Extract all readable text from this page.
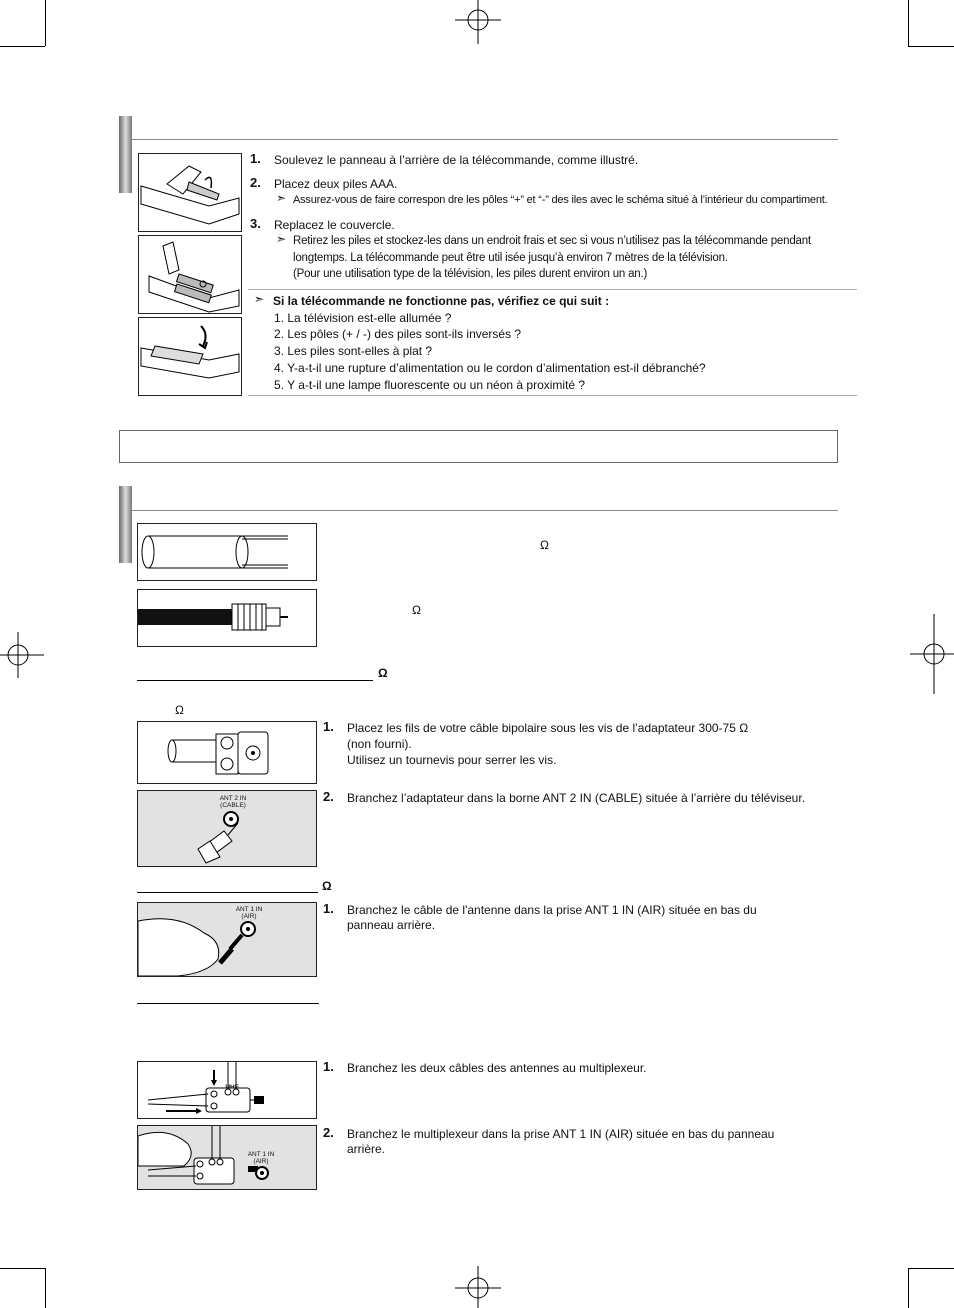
1. Soulevez le panneau à l’arrière de la télécommande, comme illustré.
2. Placez deux piles AAA.
➣ Assurez-vous de faire correspon dre les pôles “+” et “-” des iles avec le schéma situé à l’intérieur du compartiment.
3. Replacez le couvercle.
➣ Retirez les piles et stockez-les dans un endroit frais et sec si vous n’utilisez pas la télécommande pendant
longtemps. La télécommande peut être util isée jusqu’à environ 7 mètres de la télévision.
(Pour une utilisation type de la télévision, les piles durent environ un an.)
➣ Si la télécommande ne fonctionne pas, vérifiez ce qui suit :
1. La télévision est-elle allumée ?
2. Les pôles (+ / -) des piles sont-ils inversés ?
3. Les piles sont-elles à plat ?
4. Y-a-t-il une rupture d’alimentation ou le cordon d’alimentation est-il débranché?
5. Y a-t-il une lampe fluorescente ou un néon à proximité ?
Ω
Ω
Ω
Ω
ANT 2 IN
(CABLE)
1. Placez les fils de votre câble bipolaire sous les vis de l’adaptateur 300-75 Ω
(non fourni).
Utilisez un tournevis pour serrer les vis.
2. Branchez l’adaptateur dans la borne ANT 2 IN (CABLE) située à l’arrière du téléviseur.
Ω
ANT 1 IN
(AIR)
1. Branchez le câble de l'antenne dans la prise ANT 1 IN (AIR) située en bas du
panneau arrière.
ANT 1 IN
(AIR)
1. Branchez les deux câbles des antennes au multiplexeur.
2. Branchez le multiplexeur dans la prise ANT 1 IN (AIR) située en bas du panneau
arrière.
